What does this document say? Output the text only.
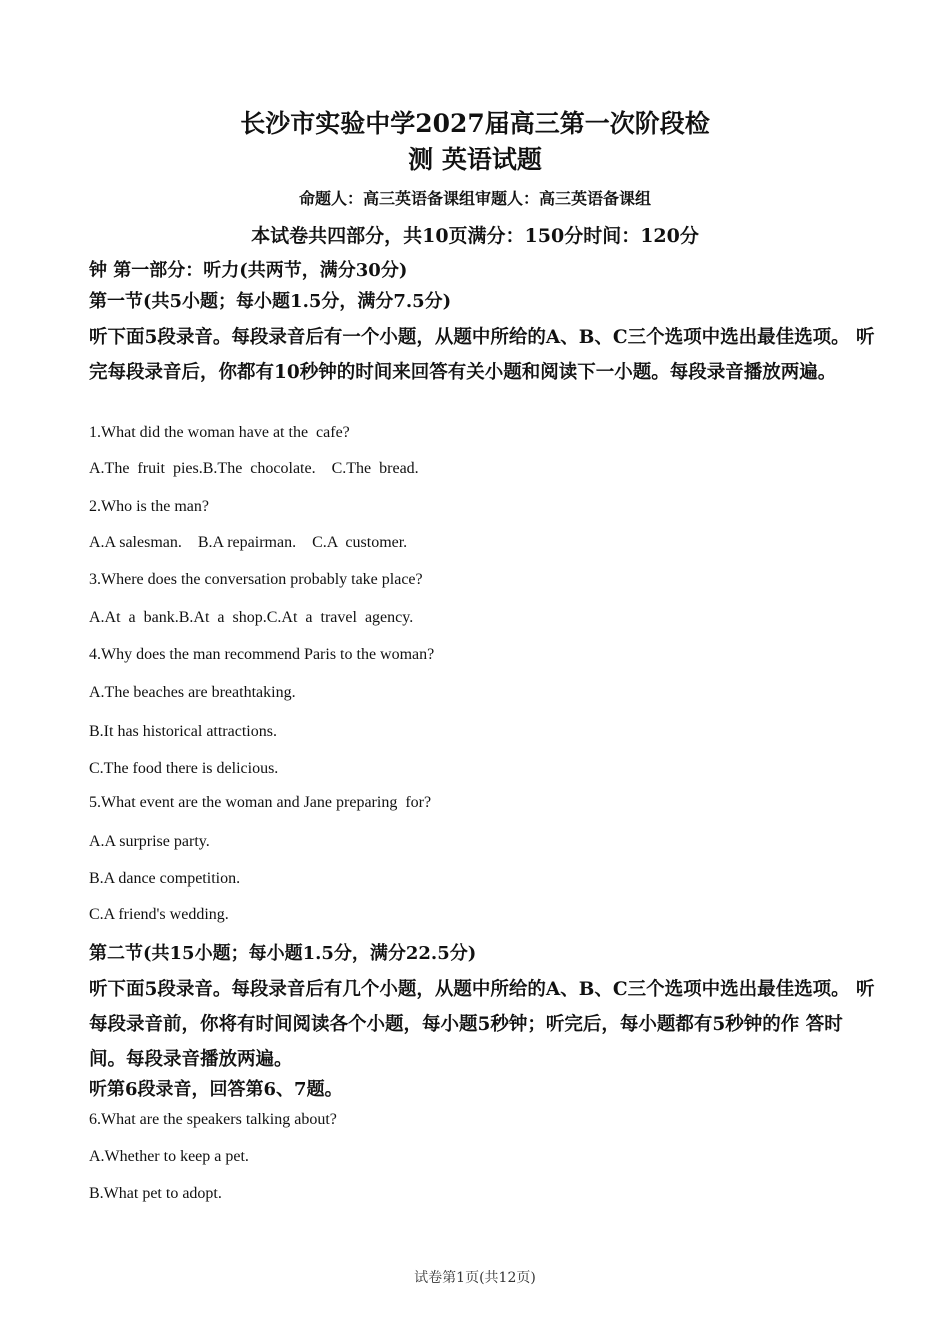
长沙市实验中学2027届高三第一次阶段检
测 英语试题
命题人：高三英语备课组审题人：高三英语备课组
本试卷共四部分，共10页满分：150分时间：120分
钟 第一部分：听力(共两节，满分30分)
第一节(共5小题；每小题1.5分，满分7.5分)
听下面5段录音。每段录音后有一个小题，从题中所给的A、B、C三个选项中选出最佳选项。 听完每段录音后，你都有10秒钟的时间来回答有关小题和阅读下一小题。每段录音播放两遍。
1.What did the woman have at the  cafe?
A.The  fruit  pies.B.The  chocolate.    C.The  bread.
2.Who is the man?
A.A salesman.    B.A repairman.    C.A  customer.
3.Where does the conversation probably take place?
A.At  a  bank.B.At  a  shop.C.At  a  travel  agency.
4.Why does the man recommend Paris to the woman?
A.The beaches are breathtaking.
B.It has historical attractions.
C.The food there is delicious.
5.What event are the woman and Jane preparing  for?
A.A surprise party.
B.A dance competition.
C.A friend's wedding.
第二节(共15小题；每小题1.5分，满分22.5分)
听下面5段录音。每段录音后有几个小题，从题中所给的A、B、C三个选项中选出最佳选项。 听每段录音前，你将有时间阅读各个小题，每小题5秒钟；听完后，每小题都有5秒钟的作 答时间。每段录音播放两遍。
听第6段录音，回答第6、7题。
6.What are the speakers talking about?
A.Whether to keep a pet.
B.What pet to adopt.
试卷第1页(共12页)
